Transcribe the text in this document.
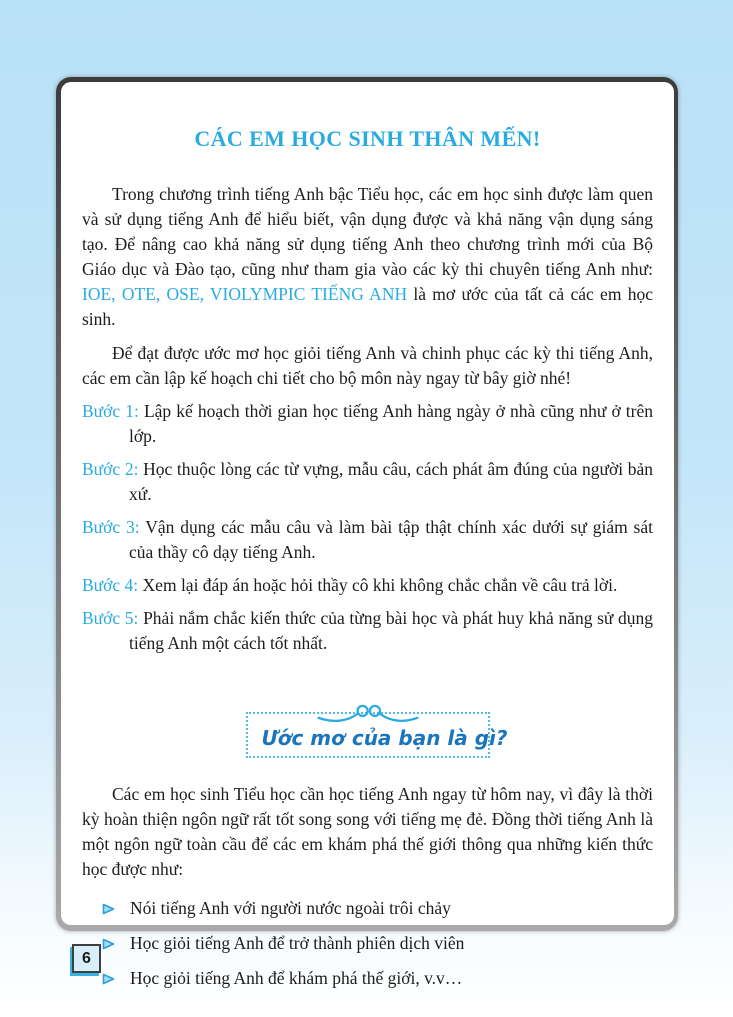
CÁC EM HỌC SINH THÂN MẾN!

Trong chương trình tiếng Anh bậc Tiểu học, các em học sinh được làm quen và sử dụng tiếng Anh để hiểu biết, vận dụng được và khả năng vận dụng sáng tạo. Để nâng cao khả năng sử dụng tiếng Anh theo chương trình mới của Bộ Giáo dục và Đào tạo, cũng như tham gia vào các kỳ thi chuyên tiếng Anh như: IOE, OTE, OSE, VIOLYMPIC TIẾNG ANH là mơ ước của tất cả các em học sinh.

Để đạt được ước mơ học giỏi tiếng Anh và chinh phục các kỳ thi tiếng Anh, các em cần lập kế hoạch chi tiết cho bộ môn này ngay từ bây giờ nhé!

Bước 1: Lập kế hoạch thời gian học tiếng Anh hàng ngày ở nhà cũng như ở trên lớp.

Bước 2: Học thuộc lòng các từ vựng, mẫu câu, cách phát âm đúng của người bản xứ.

Bước 3: Vận dụng các mẫu câu và làm bài tập thật chính xác dưới sự giám sát của thầy cô dạy tiếng Anh.

Bước 4: Xem lại đáp án hoặc hỏi thầy cô khi không chắc chắn về câu trả lời.

Bước 5: Phải nắm chắc kiến thức của từng bài học và phát huy khả năng sử dụng tiếng Anh một cách tốt nhất.

Ước mơ của bạn là gì?

Các em học sinh Tiểu học cần học tiếng Anh ngay từ hôm nay, vì đây là thời kỳ hoàn thiện ngôn ngữ rất tốt song song với tiếng mẹ đẻ. Đồng thời tiếng Anh là một ngôn ngữ toàn cầu để các em khám phá thế giới thông qua những kiến thức học được như:

Nói tiếng Anh với người nước ngoài trôi chảy
Học giỏi tiếng Anh để trở thành phiên dịch viên
Học giỏi tiếng Anh để khám phá thế giới, v.v…
6
